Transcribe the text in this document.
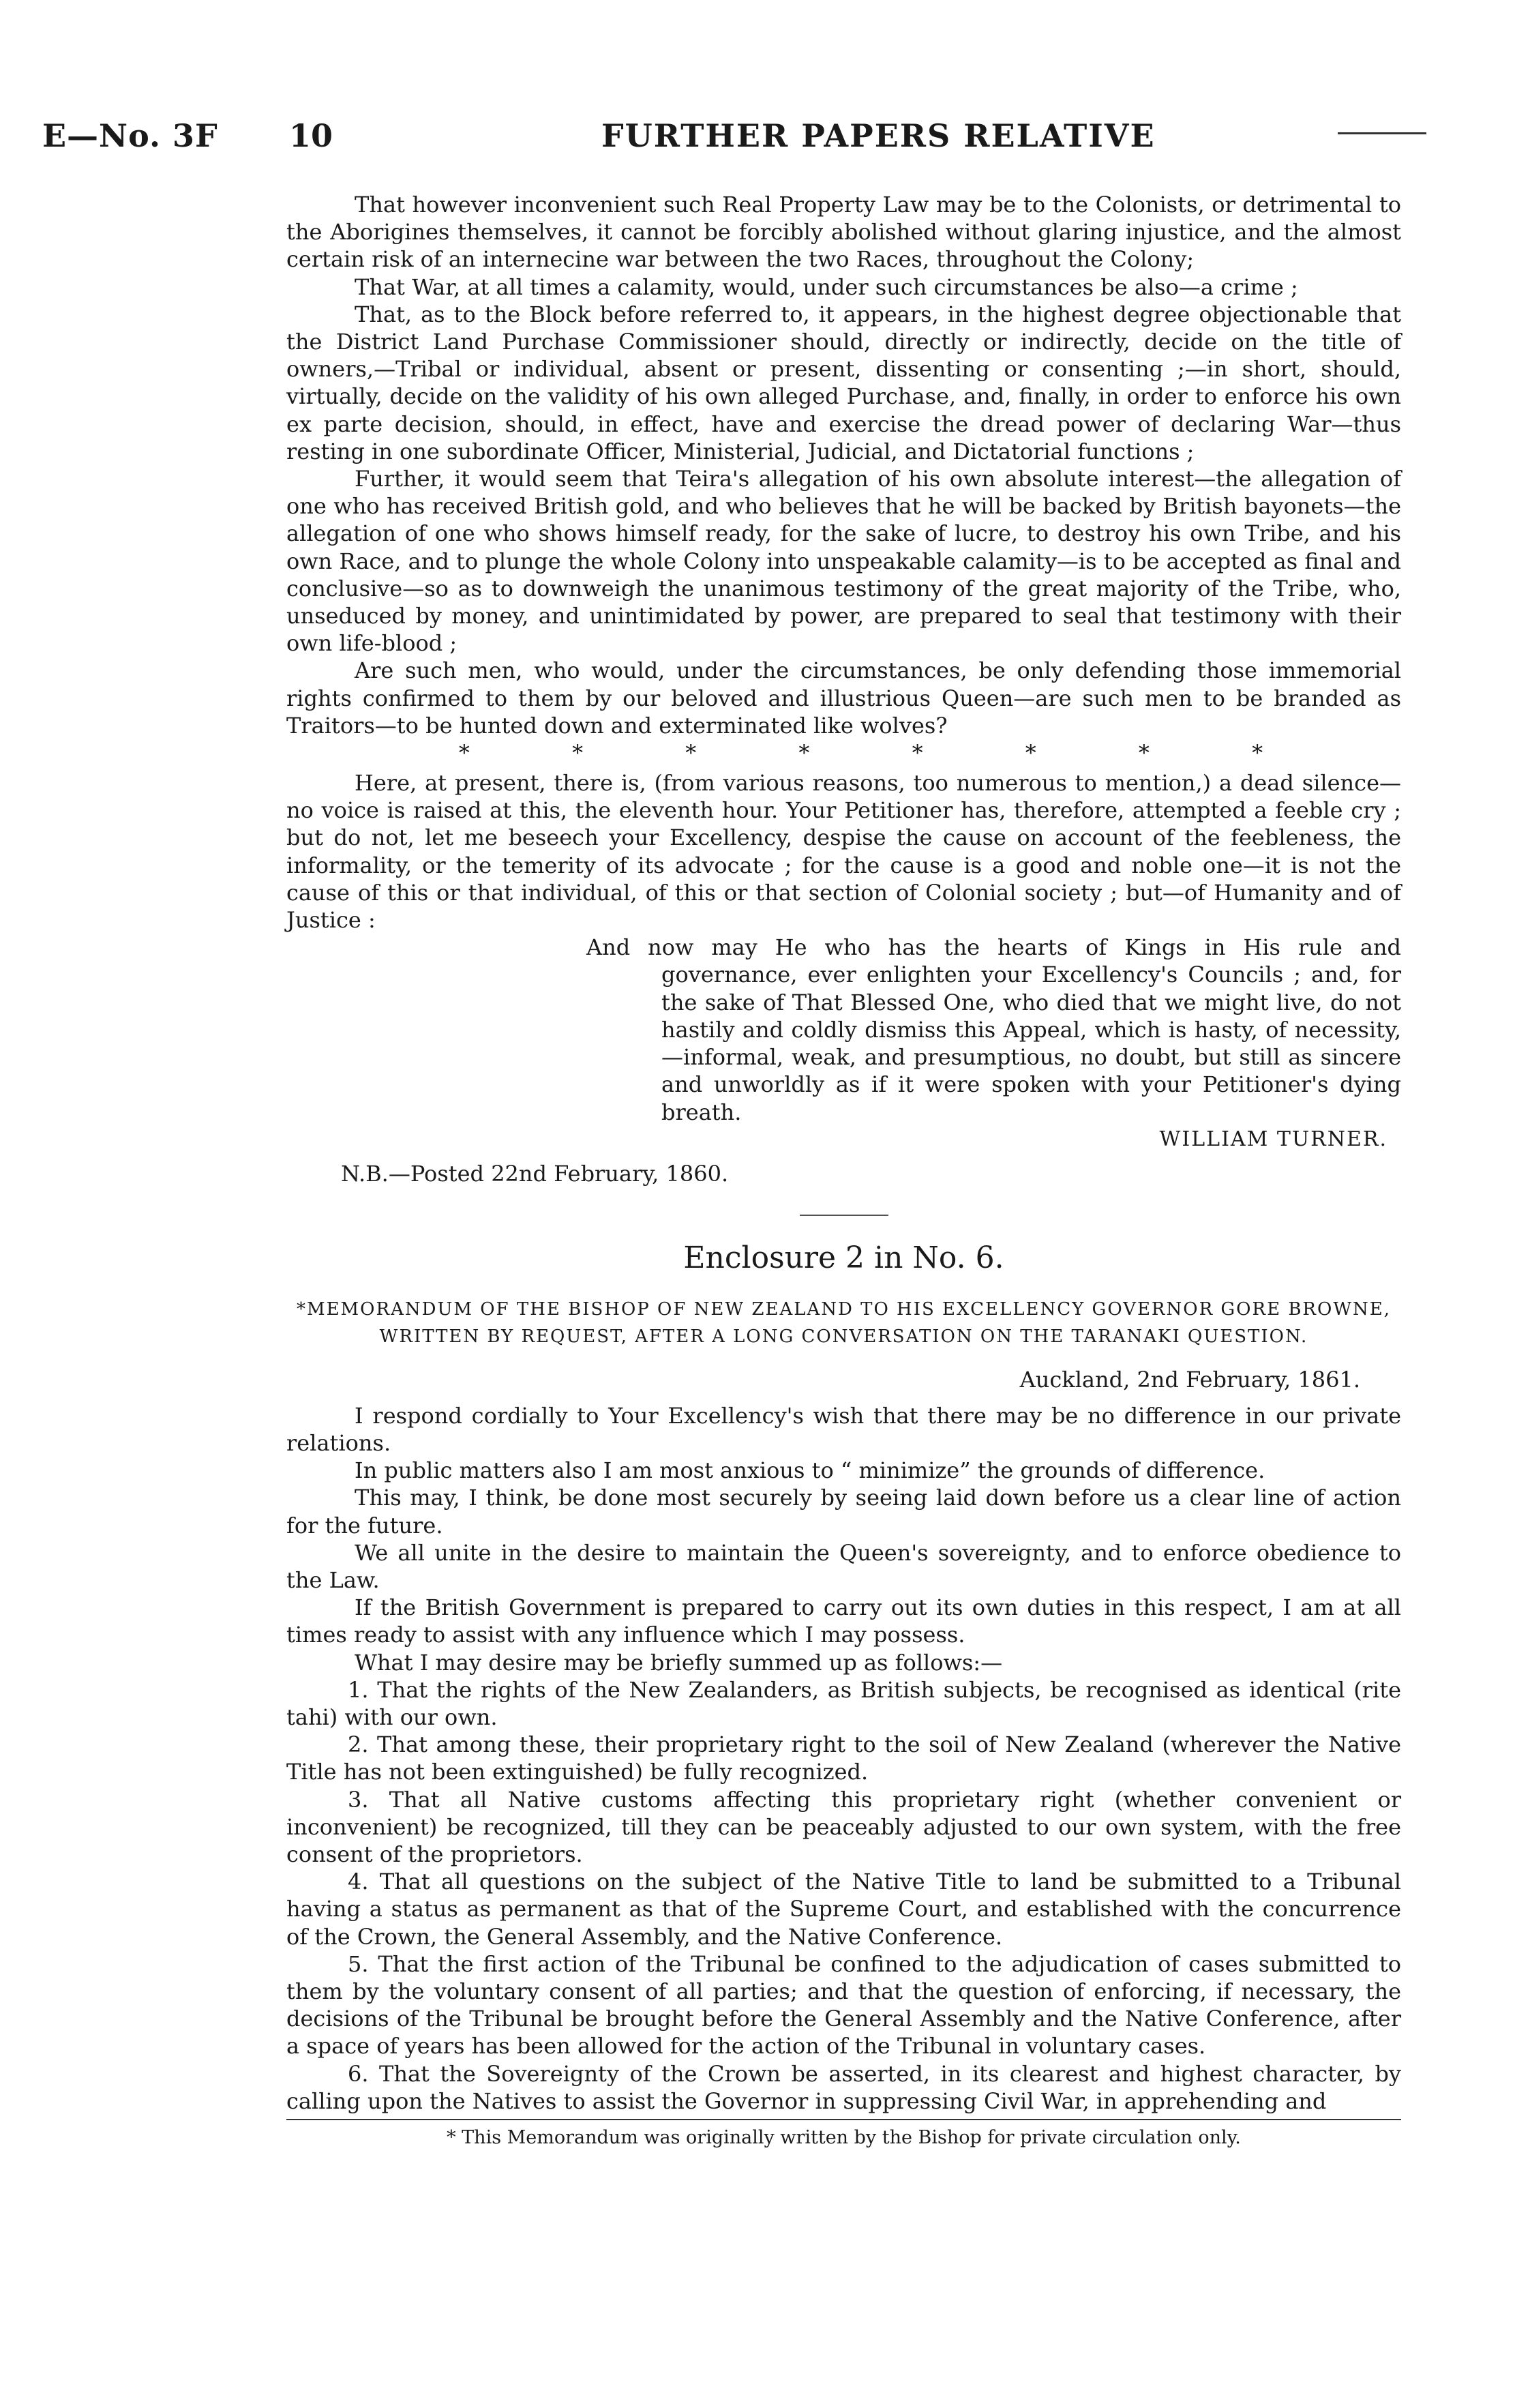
E—No. 3F 10	FURTHER PAPERS RELATIVE

That however inconvenient such Real Property Law may be to the Colonists, or detrimental to the Aborigines themselves, it cannot be forcibly abolished without glaring injustice, and the almost certain risk of an internecine war between the two Races, throughout the Colony;

That War, at all times a calamity, would, under such circumstances be also—a crime ;

That, as to the Block before referred to, it appears, in the highest degree objectionable that the District Land Purchase Commissioner should, directly or indirectly, decide on the title of owners,—Tribal or individual, absent or present, dissenting or consenting ;—in short, should, virtually, decide on the validity of his own alleged Purchase, and, finally, in order to enforce his own ex parte decision, should, in effect, have and exercise the dread power of declaring War—thus resting in one subordinate Officer, Ministerial, Judicial, and Dictatorial functions ;

Further, it would seem that Teira's allegation of his own absolute interest—the allegation of one who has received British gold, and who believes that he will be backed by British bayonets—the allegation of one who shows himself ready, for the sake of lucre, to destroy his own Tribe, and his own Race, and to plunge the whole Colony into unspeakable calamity—is to be accepted as final and conclusive—so as to downweigh the unanimous testimony of the great majority of the Tribe, who, unseduced by money, and unintimidated by power, are prepared to seal that testimony with their own life-blood ;

Are such men, who would, under the circumstances, be only defending those immemorial rights confirmed to them by our beloved and illustrious Queen—are such men to be branded as Traitors—to be hunted down and exterminated like wolves?

* * * * * * * *

Here, at present, there is, (from various reasons, too numerous to mention,) a dead silence—no voice is raised at this, the eleventh hour. Your Petitioner has, therefore, attempted a feeble cry ; but do not, let me beseech your Excellency, despise the cause on account of the feebleness, the informality, or the temerity of its advocate ; for the cause is a good and noble one—it is not the cause of this or that individual, of this or that section of Colonial society ; but—of Humanity and of Justice :

And now may He who has the hearts of Kings in His rule and governance, ever enlighten your Excellency's Councils ; and, for the sake of That Blessed One, who died that we might live, do not hastily and coldly dismiss this Appeal, which is hasty, of necessity,—informal, weak, and presumptious, no doubt, but still as sincere and unworldly as if it were spoken with your Petitioner's dying breath.

WILLIAM TURNER.
N.B.—Posted 22nd February, 1860.
Enclosure 2 in No. 6.
*MEMORANDUM OF THE BISHOP OF NEW ZEALAND TO HIS EXCELLENCY GOVERNOR GORE BROWNE, WRITTEN BY REQUEST, AFTER A LONG CONVERSATION ON THE TARANAKI QUESTION.
Auckland, 2nd February, 1861.

I respond cordially to Your Excellency's wish that there may be no difference in our private relations.

In public matters also I am most anxious to “ minimize” the grounds of difference.

This may, I think, be done most securely by seeing laid down before us a clear line of action for the future.

We all unite in the desire to maintain the Queen's sovereignty, and to enforce obedience to the Law.

If the British Government is prepared to carry out its own duties in this respect, I am at all times ready to assist with any influence which I may possess.

What I may desire may be briefly summed up as follows:—

1. That the rights of the New Zealanders, as British subjects, be recognised as identical (rite tahi) with our own.

2. That among these, their proprietary right to the soil of New Zealand (wherever the Native Title has not been extinguished) be fully recognized.

3. That all Native customs affecting this proprietary right (whether convenient or inconvenient) be recognized, till they can be peaceably adjusted to our own system, with the free consent of the proprietors.

4. That all questions on the subject of the Native Title to land be submitted to a Tribunal having a status as permanent as that of the Supreme Court, and established with the concurrence of the Crown, the General Assembly, and the Native Conference.

5. That the first action of the Tribunal be confined to the adjudication of cases submitted to them by the voluntary consent of all parties; and that the question of enforcing, if necessary, the decisions of the Tribunal be brought before the General Assembly and the Native Conference, after a space of years has been allowed for the action of the Tribunal in voluntary cases.

6. That the Sovereignty of the Crown be asserted, in its clearest and highest character, by calling upon the Natives to assist the Governor in suppressing Civil War, in apprehending and

* This Memorandum was originally written by the Bishop for private circulation only.
